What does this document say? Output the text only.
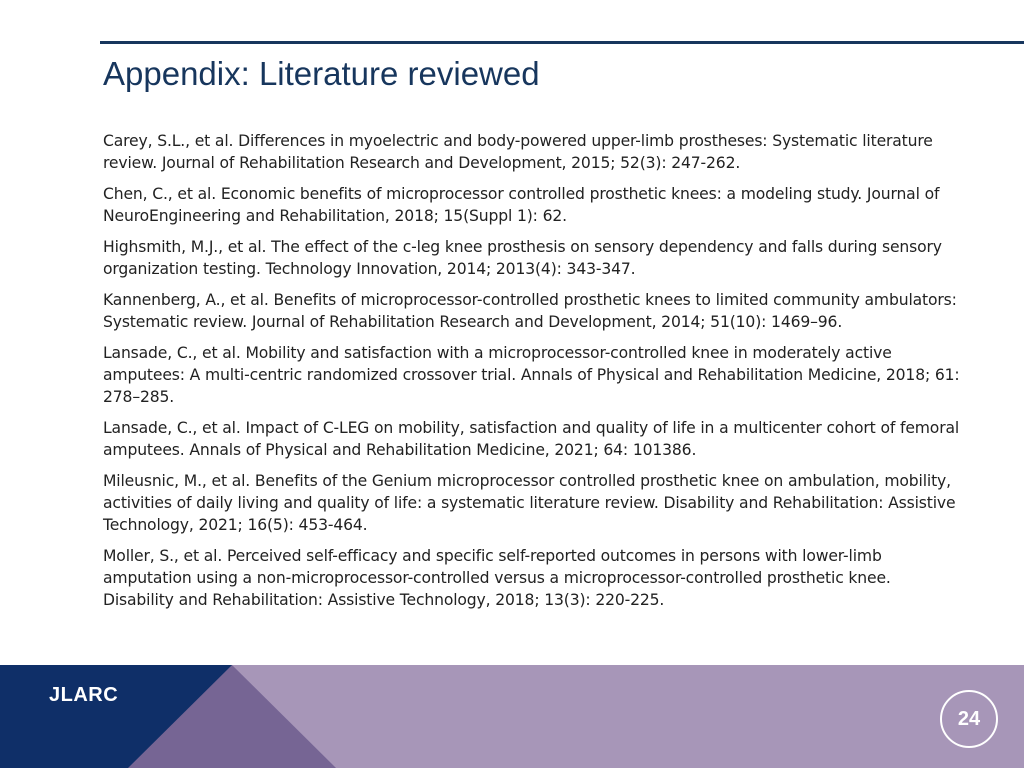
Appendix: Literature reviewed

Carey, S.L., et al. Differences in myoelectric and body-powered upper-limb prostheses: Systematic literature review. Journal of Rehabilitation Research and Development, 2015; 52(3): 247-262.

Chen, C., et al. Economic benefits of microprocessor controlled prosthetic knees: a modeling study. Journal of NeuroEngineering and Rehabilitation, 2018; 15(Suppl 1): 62.

Highsmith, M.J., et al. The effect of the c-leg knee prosthesis on sensory dependency and falls during sensory organization testing. Technology Innovation, 2014; 2013(4): 343-347.

Kannenberg, A., et al. Benefits of microprocessor-controlled prosthetic knees to limited community ambulators: Systematic review. Journal of Rehabilitation Research and Development, 2014; 51(10): 1469–96.

Lansade, C., et al. Mobility and satisfaction with a microprocessor-controlled knee in moderately active amputees: A multi-centric randomized crossover trial. Annals of Physical and Rehabilitation Medicine, 2018; 61: 278–285.

Lansade, C., et al. Impact of C-LEG on mobility, satisfaction and quality of life in a multicenter cohort of femoral amputees. Annals of Physical and Rehabilitation Medicine, 2021; 64: 101386.

Mileusnic, M., et al. Benefits of the Genium microprocessor controlled prosthetic knee on ambulation, mobility, activities of daily living and quality of life: a systematic literature review. Disability and Rehabilitation: Assistive Technology, 2021; 16(5): 453-464.

Moller, S., et al. Perceived self-efficacy and specific self-reported outcomes in persons with lower-limb amputation using a non-microprocessor-controlled versus a microprocessor-controlled prosthetic knee. Disability and Rehabilitation: Assistive Technology, 2018; 13(3): 220-225.

JLARC
24
